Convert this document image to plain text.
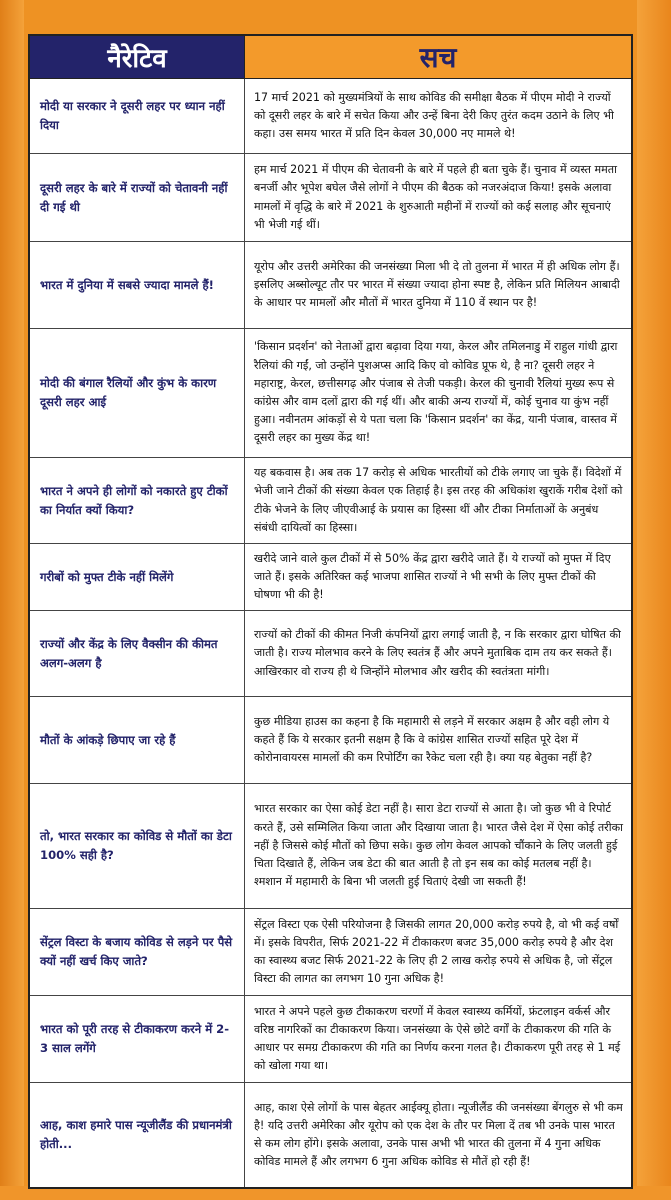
नैरेटिव	सच
मोदी या सरकार ने दूसरी लहर पर ध्यान नहीं दिया
17 मार्च 2021 को मुख्यमंत्रियों के साथ कोविड की समीक्षा बैठक में पीएम मोदी ने राज्यों को दूसरी लहर के बारे में सचेत किया और उन्हें बिना देरी किए तुरंत कदम उठाने के लिए भी कहा। उस समय भारत में प्रति दिन केवल 30,000 नए मामले थे!
दूसरी लहर के बारे में राज्यों को चेतावनी नहीं दी गई थी
हम मार्च 2021 में पीएम की चेतावनी के बारे में पहले ही बता चुके हैं। चुनाव में व्यस्त ममता बनर्जी और भूपेश बघेल जैसे लोगों ने पीएम की बैठक को नजरअंदाज किया! इसके अलावा मामलों में वृद्धि के बारे में 2021 के शुरुआती महीनों में राज्यों को कई सलाह और सूचनाएं भी भेजी गई थीं।
भारत में दुनिया में सबसे ज्यादा मामले हैं!
यूरोप और उत्तरी अमेरिका की जनसंख्या मिला भी दे तो तुलना में भारत में ही अधिक लोग हैं। इसलिए अब्सोल्यूट तौर पर भारत में संख्या ज्यादा होना स्पष्ट है, लेकिन प्रति मिलियन आबादी के आधार पर मामलों और मौतों में भारत दुनिया में 110 वें स्थान पर है!
मोदी की बंगाल रैलियों और कुंभ के कारण दूसरी लहर आई
'किसान प्रदर्शन' को नेताओं द्वारा बढ़ावा दिया गया, केरल और तमिलनाडु में राहुल गांधी द्वारा रैलियां की गईं, जो उन्होंने पुशअप्स आदि किए वो कोविड प्रूफ थे, है ना? दूसरी लहर ने महाराष्ट्र, केरल, छत्तीसगढ़ और पंजाब से तेजी पकड़ी। केरल की चुनावी रैलियां मुख्य रूप से कांग्रेस और वाम दलों द्वारा की गई थीं। और बाकी अन्य राज्यों में, कोई चुनाव या कुंभ नहीं हुआ। नवीनतम आंकड़ों से ये पता चला कि 'किसान प्रदर्शन' का केंद्र, यानी पंजाब, वास्तव में दूसरी लहर का मुख्य केंद्र था!
भारत ने अपने ही लोगों को नकारते हुए टीकों का निर्यात क्यों किया?
यह बकवास है। अब तक 17 करोड़ से अधिक भारतीयों को टीके लगाए जा चुके हैं। विदेशों में भेजी जाने टीकों की संख्या केवल एक तिहाई है। इस तरह की अधिकांश खुराकें गरीब देशों को टीके भेजने के लिए जीएवीआई के प्रयास का हिस्सा थीं और टीका निर्माताओं के अनुबंध संबंधी दायित्वों का हिस्सा।
गरीबों को मुफ्त टीके नहीं मिलेंगे
खरीदे जाने वाले कुल टीकों में से 50% केंद्र द्वारा खरीदे जाते हैं। ये राज्यों को मुफ्त में दिए जाते हैं। इसके अतिरिक्त कई भाजपा शासित राज्यों ने भी सभी के लिए मुफ्त टीकों की घोषणा भी की है!
राज्यों और केंद्र के लिए वैक्सीन की कीमत अलग-अलग है
राज्यों को टीकों की कीमत निजी कंपनियों द्वारा लगाई जाती है, न कि सरकार द्वारा घोषित की जाती है। राज्य मोलभाव करने के लिए स्वतंत्र हैं और अपने मुताबिक दाम तय कर सकते हैं। आखिरकार वो राज्य ही थे जिन्होंने मोलभाव और खरीद की स्वतंत्रता मांगी।
मौतों के आंकड़े छिपाए जा रहे हैं
कुछ मीडिया हाउस का कहना है कि महामारी से लड़ने में सरकार अक्षम है और वही लोग ये कहते हैं कि ये सरकार इतनी सक्षम है कि वे कांग्रेस शासित राज्यों सहित पूरे देश में कोरोनावायरस मामलों की कम रिपोर्टिंग का रैकेट चला रही है। क्या यह बेतुका नहीं है?
तो, भारत सरकार का कोविड से मौतों का डेटा 100% सही है?
भारत सरकार का ऐसा कोई डेटा नहीं है। सारा डेटा राज्यों से आता है। जो कुछ भी वे रिपोर्ट करते हैं, उसे सम्मिलित किया जाता और दिखाया जाता है। भारत जैसे देश में ऐसा कोई तरीका नहीं है जिससे कोई मौतों को छिपा सके। कुछ लोग केवल आपको चौंकाने के लिए जलती हुई चिता दिखाते हैं, लेकिन जब डेटा की बात आती है तो इन सब का कोई मतलब नहीं है। श्मशान में महामारी के बिना भी जलती हुई चिताएं देखी जा सकती हैं!
सेंट्रल विस्टा के बजाय कोविड से लड़ने पर पैसे क्यों नहीं खर्च किए जाते?
सेंट्रल विस्टा एक ऐसी परियोजना है जिसकी लागत 20,000 करोड़ रुपये है, वो भी कई वर्षों में। इसके विपरीत, सिर्फ 2021-22 में टीकाकरण बजट 35,000 करोड़ रुपये है और देश का स्वास्थ्य बजट सिर्फ 2021-22 के लिए ही 2 लाख करोड़ रुपये से अधिक है, जो सेंट्रल विस्टा की लागत का लगभग 10 गुना अधिक है!
भारत को पूरी तरह से टीकाकरण करने में 2-3 साल लगेंगे
भारत ने अपने पहले कुछ टीकाकरण चरणों में केवल स्वास्थ्य कर्मियों, फ्रंटलाइन वर्कर्स और वरिष्ठ नागरिकों का टीकाकरण किया। जनसंख्या के ऐसे छोटे वर्गों के टीकाकरण की गति के आधार पर समग्र टीकाकरण की गति का निर्णय करना गलत है। टीकाकरण पूरी तरह से 1 मई को खोला गया था।
आह, काश हमारे पास न्यूजीलैंड की प्रधानमंत्री होती...
आह, काश ऐसे लोगों के पास बेहतर आईक्यू होता। न्यूजीलैंड की जनसंख्या बेंगलुरु से भी कम है! यदि उत्तरी अमेरिका और यूरोप को एक देश के तौर पर मिला दें तब भी उनके पास भारत से कम लोग होंगे। इसके अलावा, उनके पास अभी भी भारत की तुलना में 4 गुना अधिक कोविड मामले हैं और लगभग 6 गुना अधिक कोविड से मौतें हो रही हैं!
